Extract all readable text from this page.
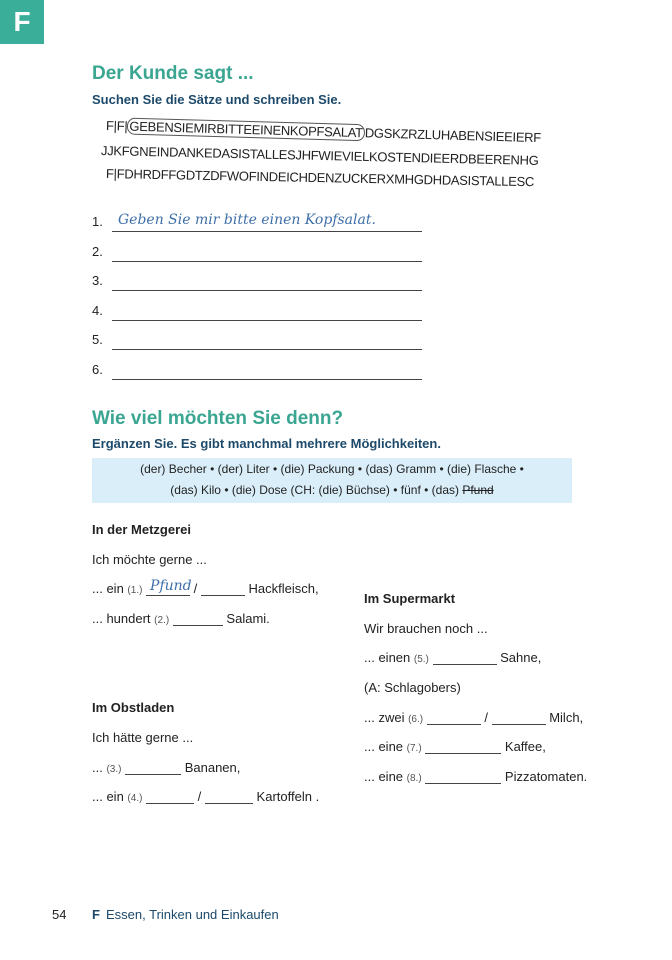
F
Der Kunde sagt ...
Suchen Sie die Sätze und schreiben Sie.
F|F| GEBENSIEMIRBITTEEINENKOPFSALAT DGSKZRZLUHABENSIEEIERF
JJKFGNEINDANKEDASISTALLESJHFWIEVIELKOSTENDIEERDBEERENHG
F|FDHRDFFGDTZDFWOFINDEICHDENZUCKERXMHGDHDASISTALLESC
1.	Geben Sie mir bitte einen Kopfsalat.
2.
3.
4.
5.
6.
Wie viel möchten Sie denn?
Ergänzen Sie. Es gibt manchmal mehrere Möglichkeiten.
(der) Becher • (der) Liter • (die) Packung • (das) Gramm • (die) Flasche •
(das) Kilo • (die) Dose (CH: (die) Büchse) • fünf • (das) Pfund
In der Metzgerei
Ich möchte gerne ...
... ein (1.) Pfund /	Hackfleisch,
... hundert (2.)	Salami.
Im Obstladen
Ich hätte gerne ...
... (3.)	Bananen,
... ein (4.)	/	Kartoffeln .
Im Supermarkt
Wir brauchen noch ...
... einen (5.)	Sahne,
(A: Schlagobers)
... zwei (6.)	/	Milch,
... eine (7.)	Kaffee,
... eine (8.)	Pizzatomaten.
54 F Essen, Trinken und Einkaufen
